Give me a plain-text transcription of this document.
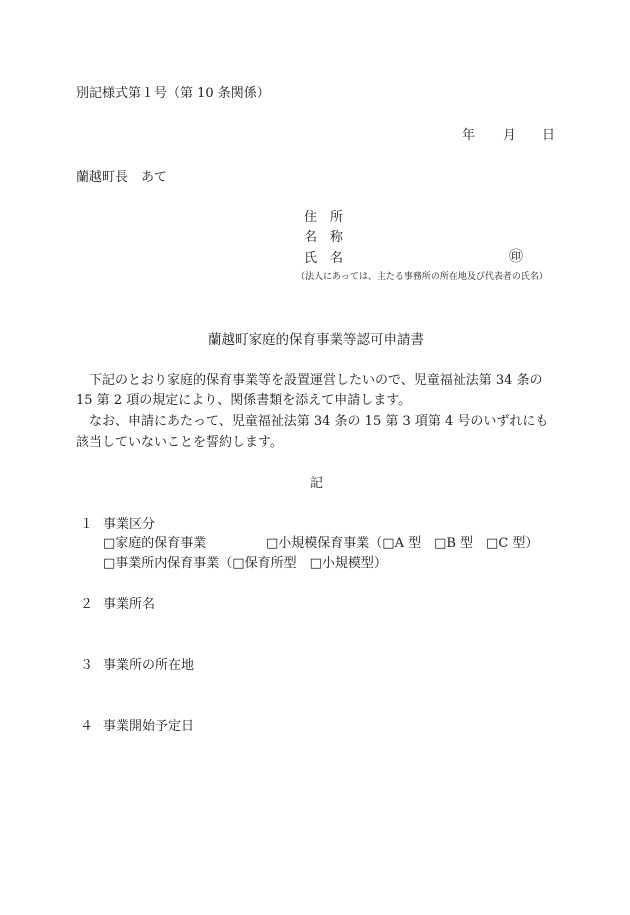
別記様式第１号（第 10 条関係）
年 月 日
蘭越町長　あて
住　所
名　称
氏　名	㊞
（法人にあっては、主たる事務所の所在地及び代表者の氏名）
蘭越町家庭的保育事業等認可申請書
　下記のとおり家庭的保育事業等を設置運営したいので、児童福祉法第 34 条の
15 第 2 項の規定により、関係書類を添えて申請します。
　なお、申請にあたって、児童福祉法第 34 条の 15 第 3 項第 4 号のいずれにも
該当していないことを誓約します。
記
１ 事業区分
□家庭的保育事業	□小規模保育事業（□A 型　□B 型　□C 型）
□事業所内保育事業（□保育所型　□小規模型）
２ 事業所名
３ 事業所の所在地
４ 事業開始予定日
